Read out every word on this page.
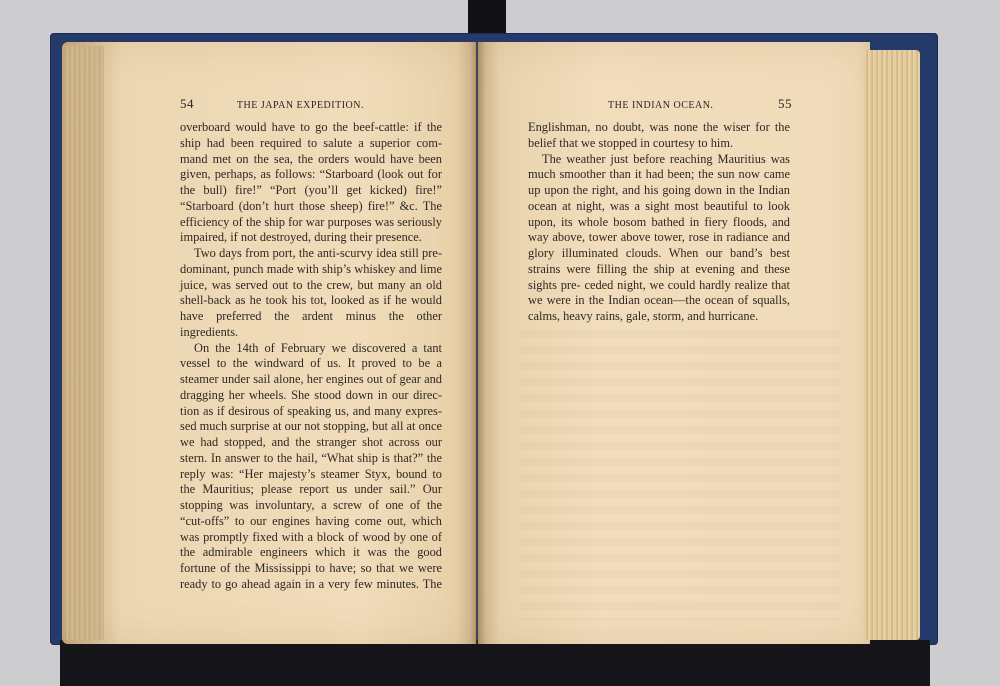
54	THE JAPAN EXPEDITION.	THE INDIAN OCEAN.	55

overboard would have to go the beef-cattle: if the ship had been required to salute a superior com- mand met on the sea, the orders would have been given, perhaps, as follows: “Starboard (look out for the bull) fire!” “Port (you’ll get kicked) fire!” “Starboard (don’t hurt those sheep) fire!” &c. The efficiency of the ship for war purposes was seriously impaired, if not destroyed, during their presence.

Two days from port, the anti-scurvy idea still pre- dominant, punch made with ship’s whiskey and lime juice, was served out to the crew, but many an old shell-back as he took his tot, looked as if he would have preferred the ardent minus the other ingredients.

On the 14th of February we discovered a tant vessel to the windward of us. It proved to be a steamer under sail alone, her engines out of gear and dragging her wheels. She stood down in our direc- tion as if desirous of speaking us, and many expres- sed much surprise at our not stopping, but all at once we had stopped, and the stranger shot across our stern. In answer to the hail, “What ship is that?” the reply was: “Her majesty’s steamer Styx, bound to the Mauritius; please report us under sail.” Our stopping was involuntary, a screw of one of the “cut-offs” to our engines having come out, which was promptly fixed with a block of wood by one of the admirable engineers which it was the good fortune of the Mississippi to have; so that we were ready to go ahead again in a very few minutes. The

Englishman, no doubt, was none the wiser for the belief that we stopped in courtesy to him.

The weather just before reaching Mauritius was much smoother than it had been; the sun now came up upon the right, and his going down in the Indian ocean at night, was a sight most beautiful to look upon, its whole bosom bathed in fiery floods, and way above, tower above tower, rose in radiance and glory illuminated clouds. When our band’s best strains were filling the ship at evening and these sights pre- ceded night, we could hardly realize that we were in the Indian ocean—the ocean of squalls, calms, heavy rains, gale, storm, and hurricane.
